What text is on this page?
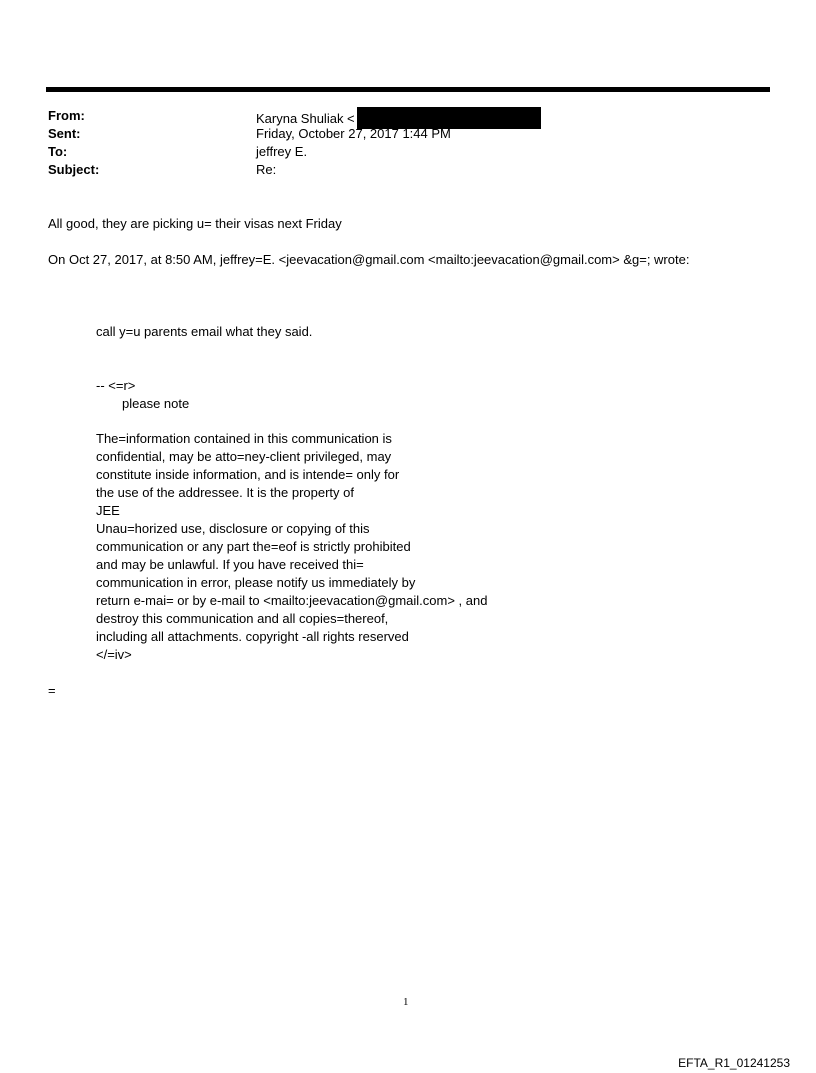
From:	Karyna Shuliak <
Sent:	Friday, October 27, 2017 1:44 PM
To:	jeffrey E.
Subject:	Re:
All good, they are picking u= their visas next Friday
On Oct 27, 2017, at 8:50 AM, jeffrey=E. <jeevacation@gmail.com <mailto:jeevacation@gmail.com> &g=; wrote:
call y=u parents email what they said.
-- <=r>
please note
The=information contained in this communication is
confidential, may be atto=ney-client privileged, may
constitute inside information, and is intende= only for
the use of the addressee. It is the property of
JEE
Unau=horized use, disclosure or copying of this
communication or any part the=eof is strictly prohibited
and may be unlawful. If you have received thi=
communication in error, please notify us immediately by
return e-mai= or by e-mail to <mailto:jeevacation@gmail.com> , and
destroy this communication and all copies=thereof,
including all attachments. copyright -all rights reserved
</=iv>
=
1
EFTA_R1_01241253
